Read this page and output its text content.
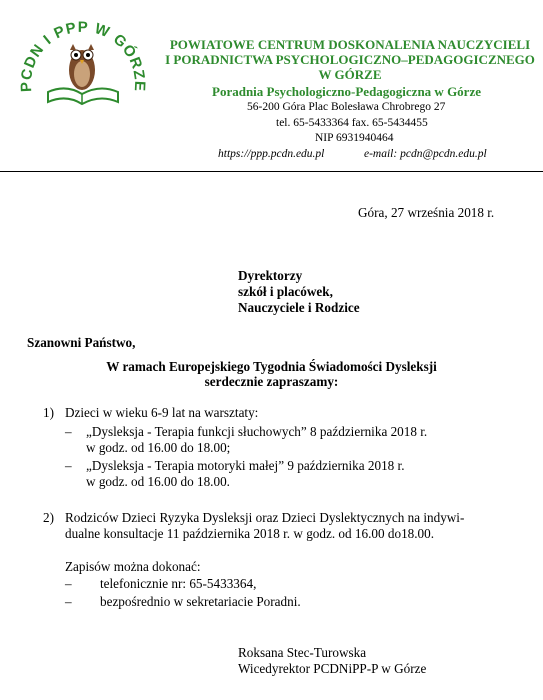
PCDN I PPP W GÓRZE
POWIATOWE CENTRUM DOSKONALENIA NAUCZYCIELI
I PORADNICTWA PSYCHOLOGICZNO–PEDAGOGICZNEGO
W GÓRZE
Poradnia Psychologiczno-Pedagogiczna w Górze
56-200 Góra Plac Bolesława Chrobrego 27
tel. 65-5433364 fax. 65-5434455
NIP 6931940464
https://ppp.pcdn.edu.pl	e-mail: pcdn@pcdn.edu.pl
Góra, 27 września 2018 r.
Dyrektorzy
szkół i placówek,
Nauczyciele i Rodzice
Szanowni Państwo,
W ramach Europejskiego Tygodnia Świadomości Dysleksji
serdecznie zapraszamy:
1) Dzieci w wieku 6-9 lat na warsztaty:
– „Dysleksja - Terapia funkcji słuchowych” 8 października 2018 r.
w godz. od 16.00 do 18.00;
– „Dysleksja - Terapia motoryki małej” 9 października 2018 r.
w godz. od 16.00 do 18.00.
2) Rodziców Dzieci Ryzyka Dysleksji oraz Dzieci Dyslektycznych na indywi-
dualne konsultacje 11 października 2018 r. w godz. od 16.00 do18.00.
Zapisów można dokonać:
– telefonicznie nr: 65-5433364,
– bezpośrednio w sekretariacie Poradni.
Roksana Stec-Turowska
Wicedyrektor PCDNiPP-P w Górze
